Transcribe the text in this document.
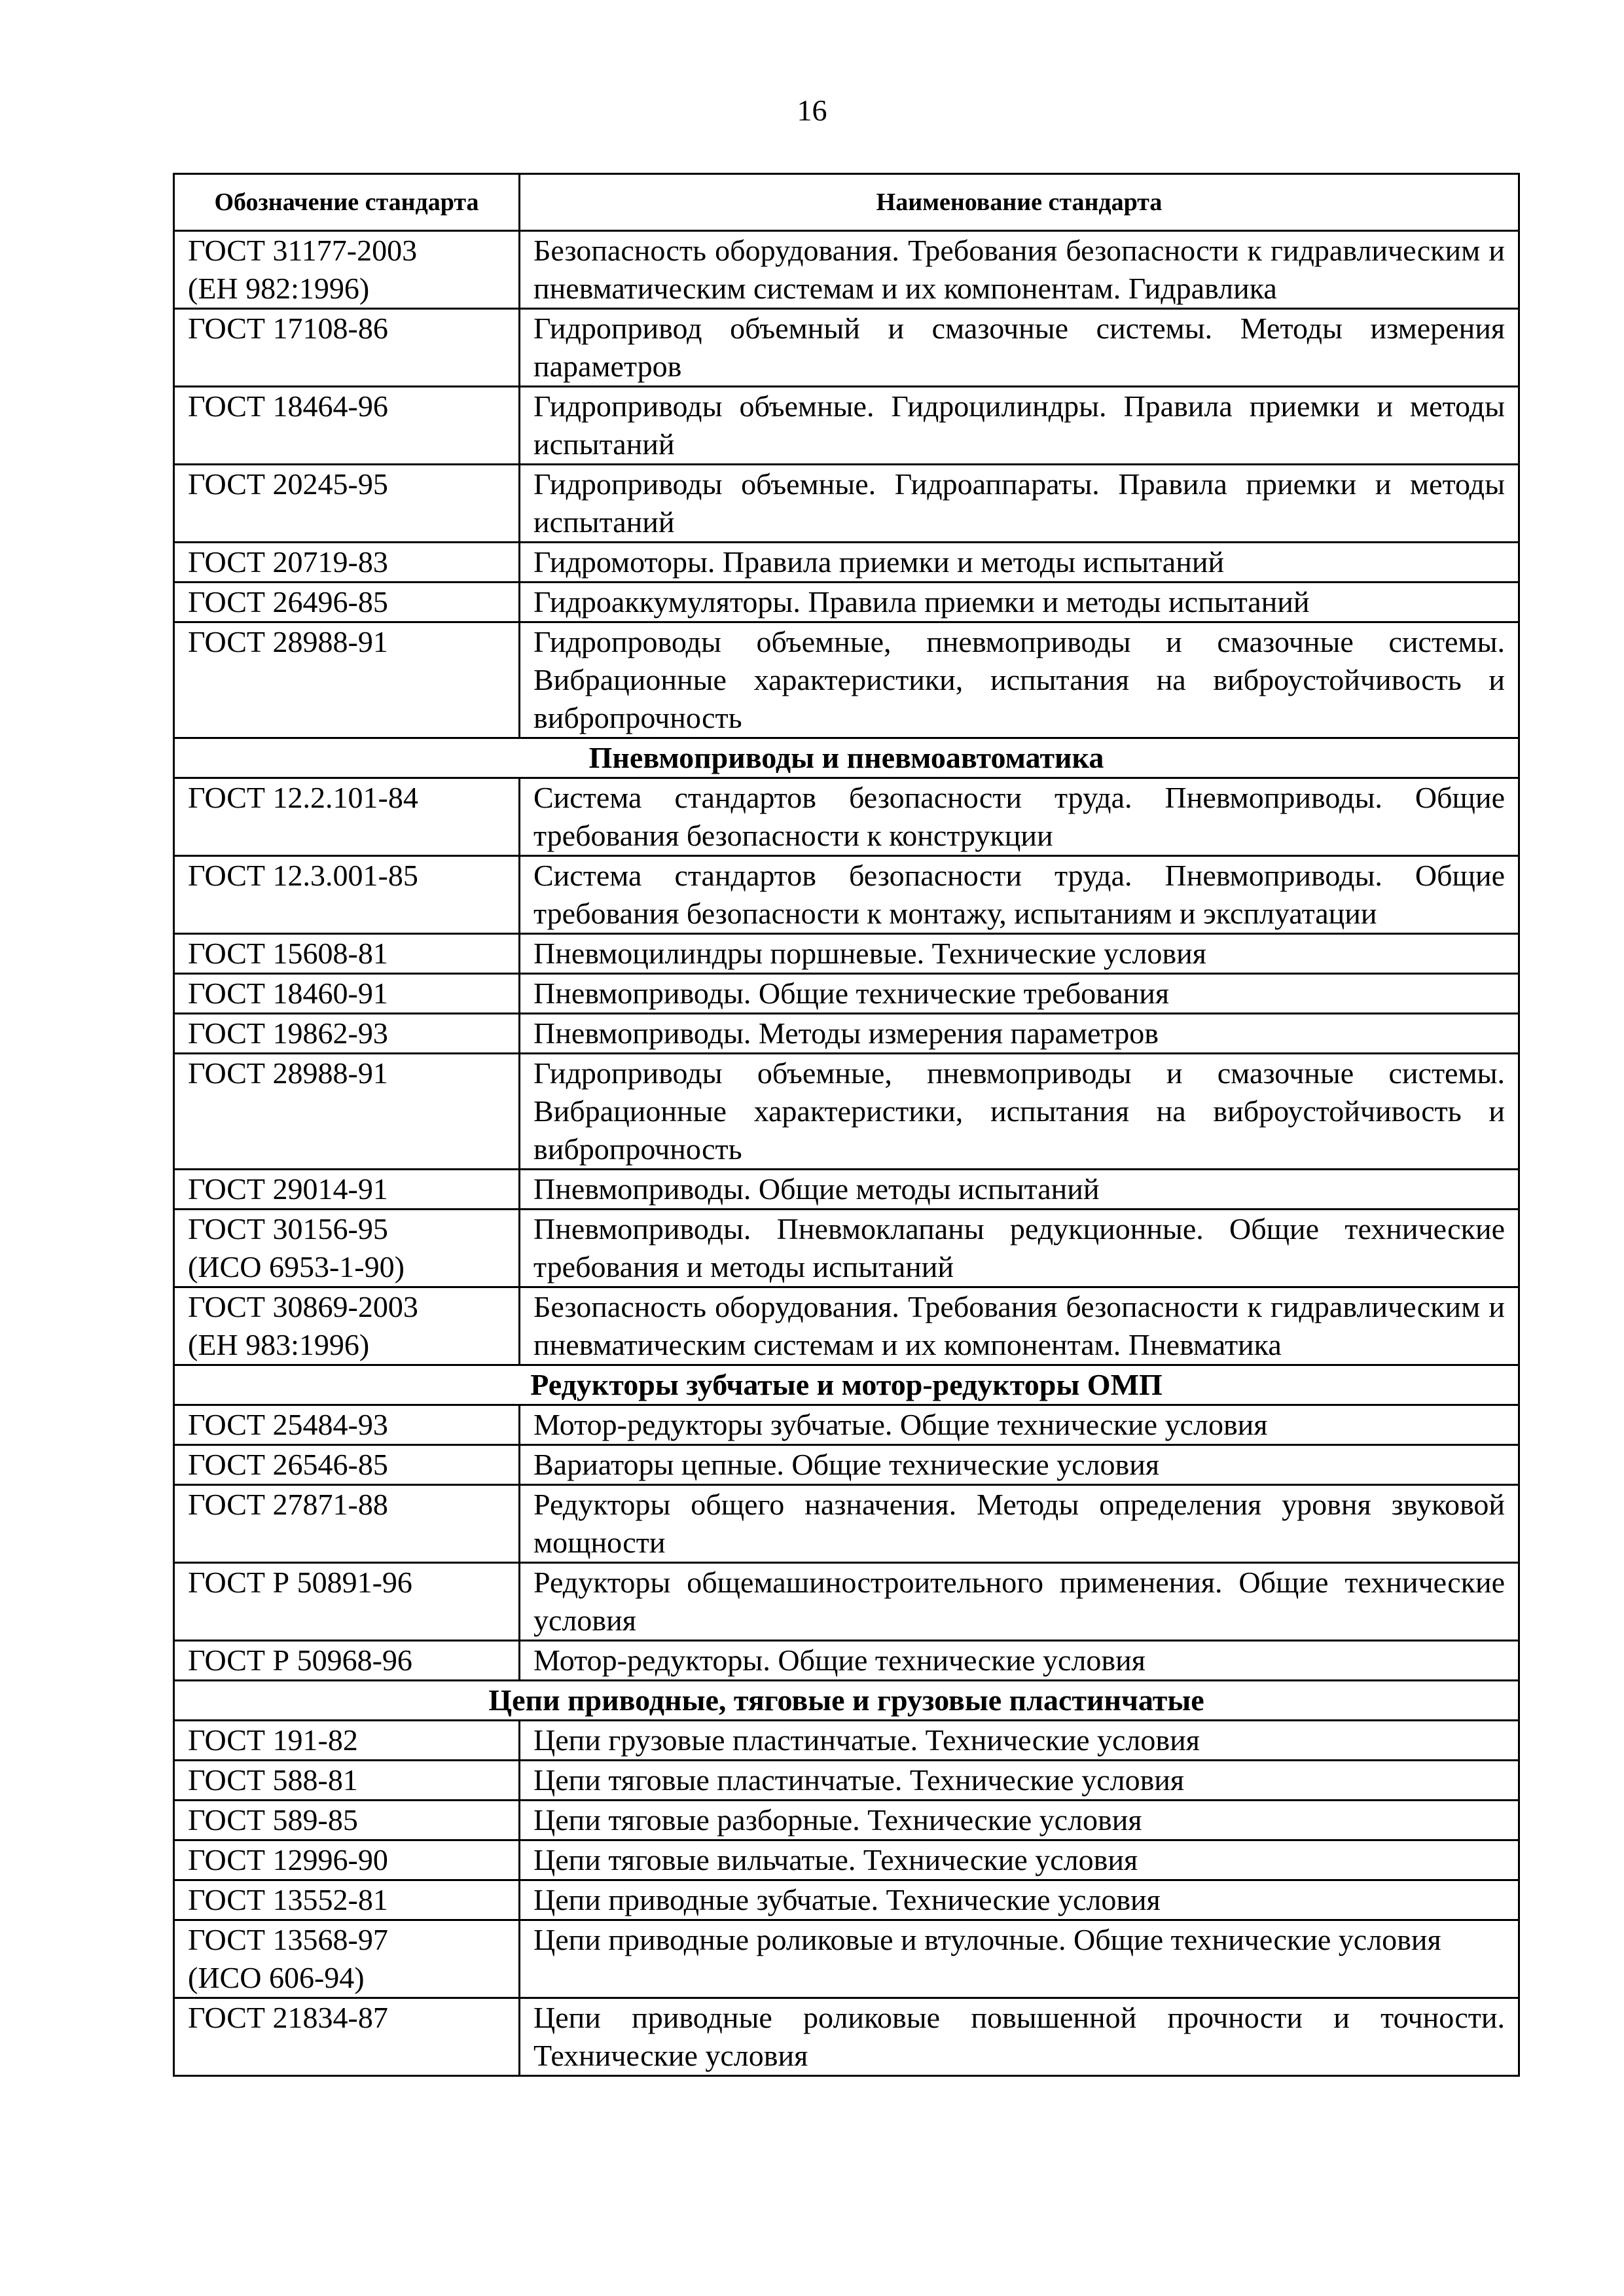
16
Обозначение стандарта	Наименование стандарта

ГОСТ 31177-2003
(ЕН 982:1996)	Безопасность оборудования. Требования безопасности к гидравлическим и пневматическим системам и их компонентам. Гидравлика

ГОСТ 17108-86	Гидропривод объемный и смазочные системы. Методы измерения параметров

ГОСТ 18464-96	Гидроприводы объемные. Гидроцилиндры. Правила приемки и методы испытаний

ГОСТ 20245-95	Гидроприводы объемные. Гидроаппараты. Правила приемки и методы испытаний

ГОСТ 20719-83	Гидромоторы. Правила приемки и методы испытаний

ГОСТ 26496-85	Гидроаккумуляторы. Правила приемки и методы испытаний

ГОСТ 28988-91	Гидропроводы объемные, пневмоприводы и смазочные системы. Вибрационные характеристики, испытания на виброустойчивость и вибропрочность
Пневмоприводы и пневмоавтоматика	

ГОСТ 12.2.101-84	Система стандартов безопасности труда. Пневмоприводы. Общие требования безопасности к конструкции

ГОСТ 12.3.001-85	Система стандартов безопасности труда. Пневмоприводы. Общие требования безопасности к монтажу, испытаниям и эксплуатации

ГОСТ 15608-81	Пневмоцилиндры поршневые. Технические условия

ГОСТ 18460-91	Пневмоприводы. Общие технические требования

ГОСТ 19862-93	Пневмоприводы. Методы измерения параметров

ГОСТ 28988-91	Гидроприводы объемные, пневмоприводы и смазочные системы. Вибрационные характеристики, испытания на виброустойчивость и вибропрочность

ГОСТ 29014-91	Пневмоприводы. Общие методы испытаний

ГОСТ 30156-95
(ИСО 6953-1-90)	Пневмоприводы. Пневмоклапаны редукционные. Общие технические требования и методы испытаний

ГОСТ 30869-2003
(ЕН 983:1996)	Безопасность оборудования. Требования безопасности к гидравлическим и пневматическим системам и их компонентам. Пневматика
Редукторы зубчатые и мотор-редукторы ОМП	

ГОСТ 25484-93	Мотор-редукторы зубчатые. Общие технические условия

ГОСТ 26546-85	Вариаторы цепные. Общие технические условия

ГОСТ 27871-88	Редукторы общего назначения. Методы определения уровня звуковой мощности

ГОСТ Р 50891-96	Редукторы общемашиностроительного применения. Общие технические условия

ГОСТ Р 50968-96	Мотор-редукторы. Общие технические условия
Цепи приводные, тяговые и грузовые пластинчатые	

ГОСТ 191-82	Цепи грузовые пластинчатые. Технические условия

ГОСТ 588-81	Цепи тяговые пластинчатые. Технические условия

ГОСТ 589-85	Цепи тяговые разборные. Технические условия

ГОСТ 12996-90	Цепи тяговые вильчатые. Технические условия

ГОСТ 13552-81	Цепи приводные зубчатые. Технические условия

ГОСТ 13568-97
(ИСО 606-94)	Цепи приводные роликовые и втулочные. Общие технические условия

ГОСТ 21834-87	Цепи приводные роликовые повышенной прочности и точности. Технические условия
